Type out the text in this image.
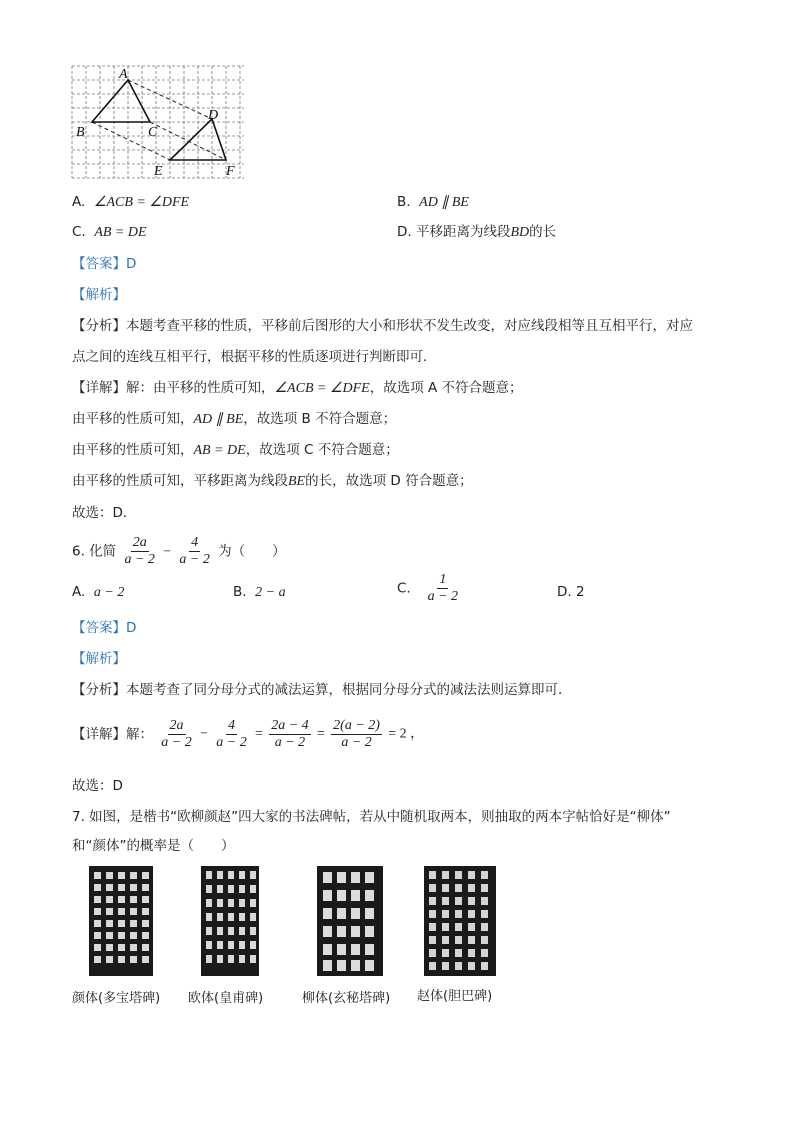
A
B	C
D
E	F
A. ∠ACB = ∠DFE	B. AD ∥ BE
C. AB = DE	D. 平移距离为线段BD的长
【答案】D
【解析】
【分析】本题考查平移的性质，平移前后图形的大小和形状不发生改变，对应线段相等且互相平行，对应
点之间的连线互相平行，根据平移的性质逐项进行判断即可．
【详解】解：由平移的性质可知，∠ACB = ∠DFE，故选项 A 不符合题意；
由平移的性质可知，AD ∥ BE，故选项 B 不符合题意；
由平移的性质可知，AB = DE，故选项 C 不符合题意；
由平移的性质可知，平移距离为线段BE的长，故选项 D 符合题意；
故选：D．
6. 化简 $\frac{2a}{a - 2} - \frac{4}{a - 2}$ 为（　　）
A. a − 2	B. 2 − a	C. $\frac{1}{a - 2}$	D. 2
【答案】D
【解析】
【分析】本题考查了同分母分式的减法运算，根据同分母分式的减法法则运算即可．
【详解】解： $\frac{2a}{a - 2} - \frac{4}{a - 2} = \frac{2a - 4}{a - 2} = \frac{2(a - 2)}{a - 2} = 2$ ，
故选：D
7. 如图，是楷书“欧柳颜赵”四大家的书法碑帖，若从中随机取两本，则抽取的两本字帖恰好是“柳体”
和“颜体”的概率是（　　）
颜体(多宝塔碑) 欧体(皇甫碑)	柳体(玄秘塔碑) 赵体(胆巴碑)
